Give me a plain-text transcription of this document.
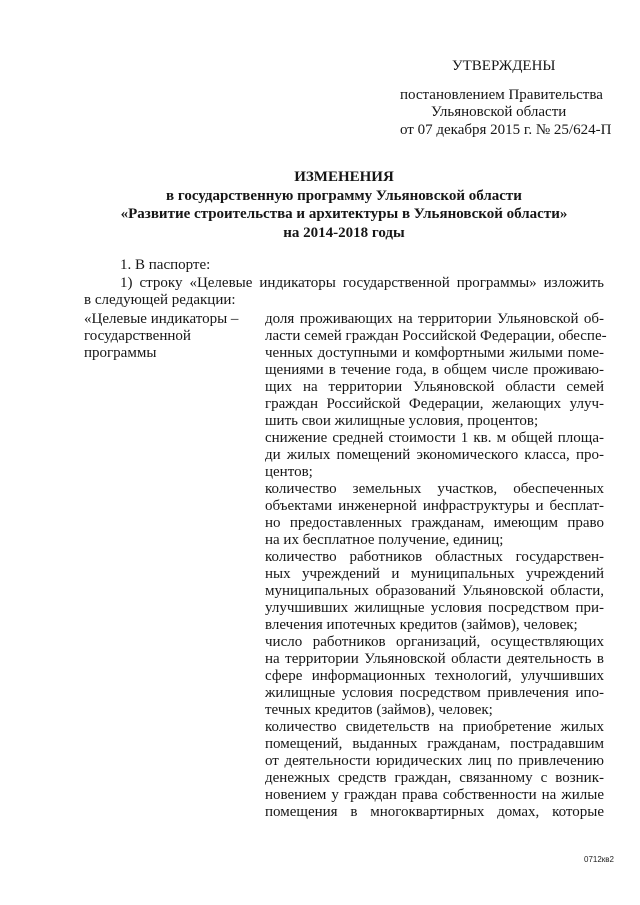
УТВЕРЖДЕНЫ
постановлением Правительства
Ульяновской области
от 07 декабря 2015 г. № 25/624-П
ИЗМЕНЕНИЯ
в государственную программу Ульяновской области
«Развитие строительства и архитектуры в Ульяновской области»
на 2014-2018 годы
1. В паспорте:
1) строку «Целевые индикаторы государственной программы» изложить
в следующей редакции:
«Целевые индикаторы –
государственной
программы
доля проживающих на территории Ульяновской об-
ласти семей граждан Российской Федерации, обеспе-
ченных доступными и комфортными жилыми поме-
щениями в течение года, в общем числе проживаю-
щих на территории Ульяновской области семей
граждан Российской Федерации, желающих улуч-
шить свои жилищные условия, процентов;
снижение средней стоимости 1 кв. м общей площа-
ди жилых помещений экономического класса, про-
центов;
количество земельных участков, обеспеченных
объектами инженерной инфраструктуры и бесплат-
но предоставленных гражданам, имеющим право
на их бесплатное получение, единиц;
количество работников областных государствен-
ных учреждений и муниципальных учреждений
муниципальных образований Ульяновской области,
улучшивших жилищные условия посредством при-
влечения ипотечных кредитов (займов), человек;
число работников организаций, осуществляющих
на территории Ульяновской области деятельность в
сфере информационных технологий, улучшивших
жилищные условия посредством привлечения ипо-
течных кредитов (займов), человек;
количество свидетельств на приобретение жилых
помещений, выданных гражданам, пострадавшим
от деятельности юридических лиц по привлечению
денежных средств граждан, связанному с возник-
новением у граждан права собственности на жилые
помещения в многоквартирных домах, которые
0712кв2
